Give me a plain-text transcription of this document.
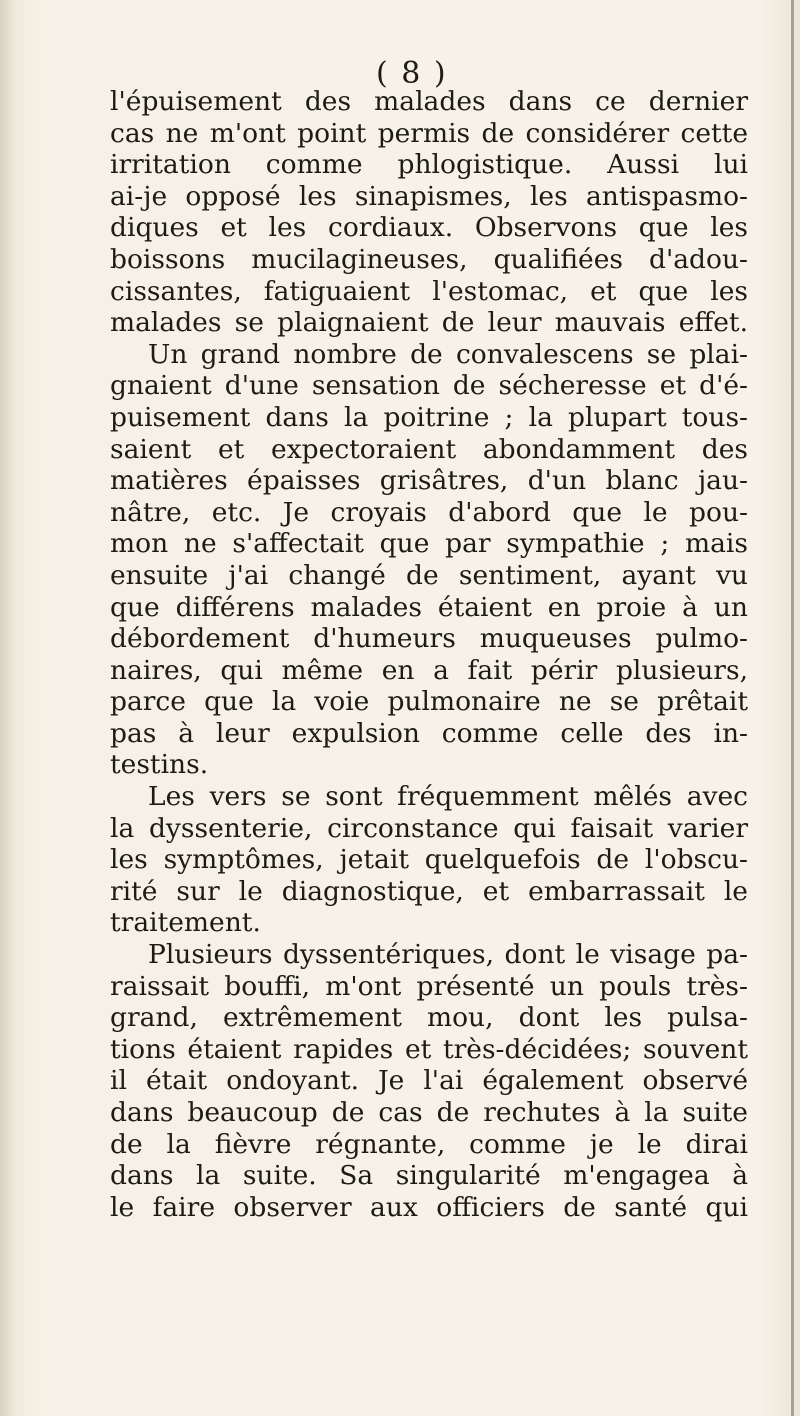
( 8 )
l'épuisement des malades dans ce dernier
cas ne m'ont point permis de considérer cette
irritation comme phlogistique. Aussi lui
ai-je opposé les sinapismes, les antispasmo-
diques et les cordiaux. Observons que les
boissons mucilagineuses, qualifiées d'adou-
cissantes, fatiguaient l'estomac, et que les
malades se plaignaient de leur mauvais effet.
Un grand nombre de convalescens se plai-
gnaient d'une sensation de sécheresse et d'é-
puisement dans la poitrine ; la plupart tous-
saient et expectoraient abondamment des
matières épaisses grisâtres, d'un blanc jau-
nâtre, etc. Je croyais d'abord que le pou-
mon ne s'affectait que par sympathie ; mais
ensuite j'ai changé de sentiment, ayant vu
que différens malades étaient en proie à un
débordement d'humeurs muqueuses pulmo-
naires, qui même en a fait périr plusieurs,
parce que la voie pulmonaire ne se prêtait
pas à leur expulsion comme celle des in-
testins.
Les vers se sont fréquemment mêlés avec
la dyssenterie, circonstance qui faisait varier
les symptômes, jetait quelquefois de l'obscu-
rité sur le diagnostique, et embarrassait le
traitement.
Plusieurs dyssentériques, dont le visage pa-
raissait bouffi, m'ont présenté un pouls très-
grand, extrêmement mou, dont les pulsa-
tions étaient rapides et très-décidées; souvent
il était ondoyant. Je l'ai également observé
dans beaucoup de cas de rechutes à la suite
de la fièvre régnante, comme je le dirai
dans la suite. Sa singularité m'engagea à
le faire observer aux officiers de santé qui
